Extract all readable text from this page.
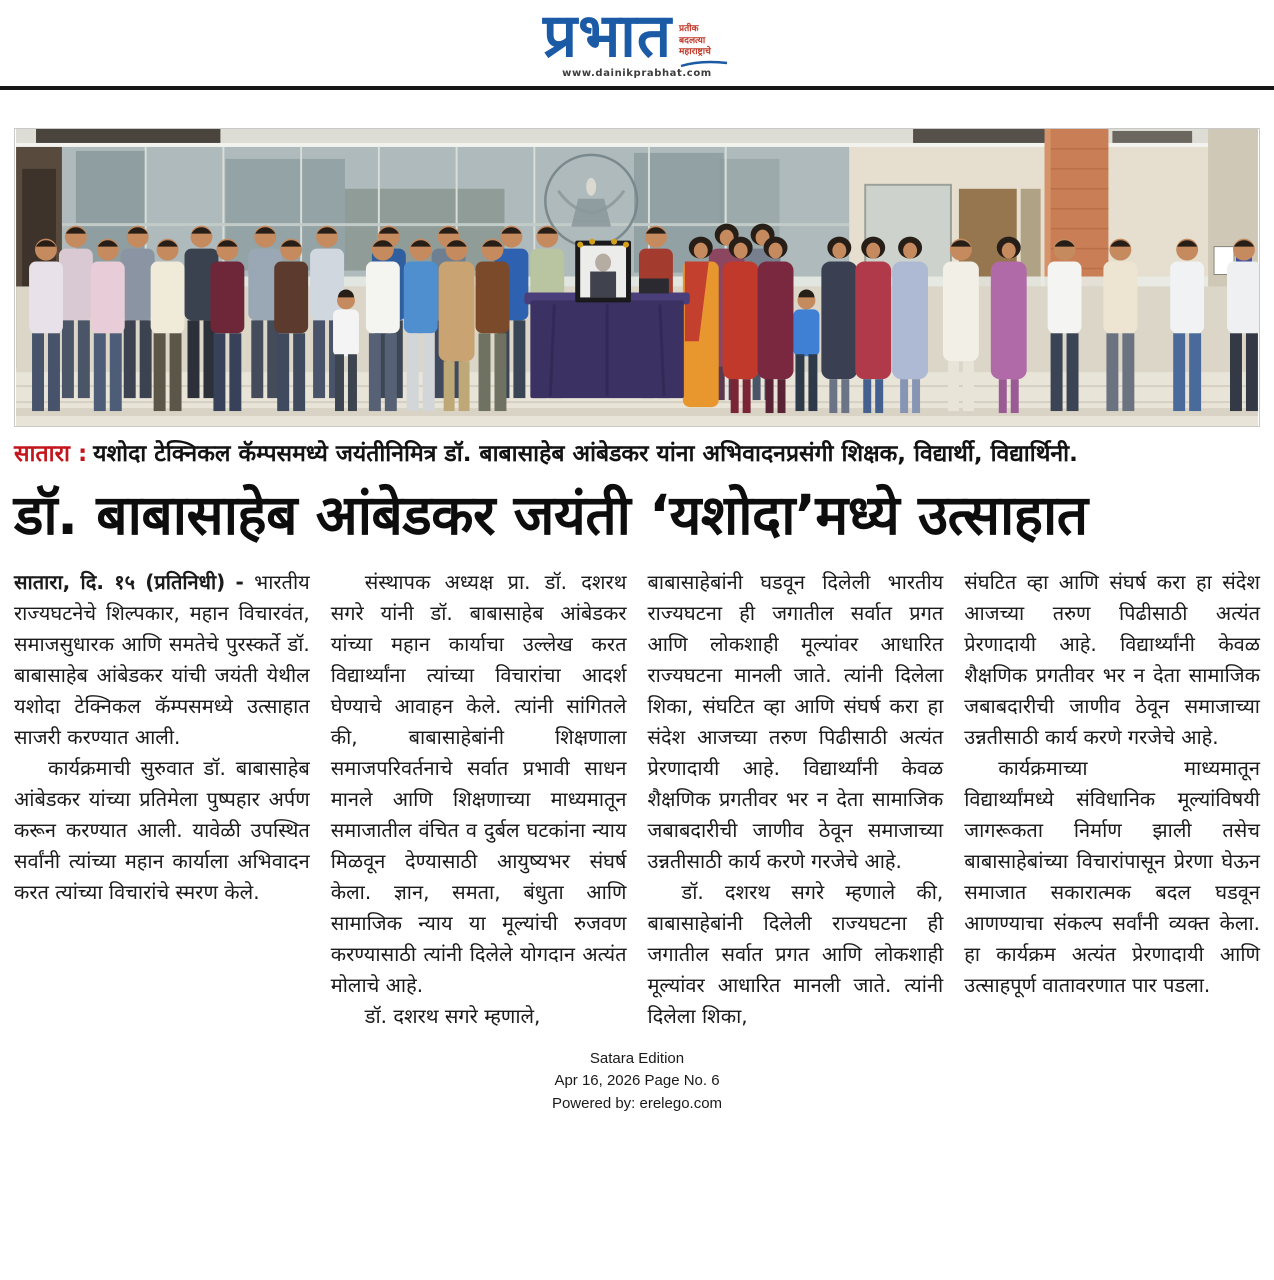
प्रभात प्रतीक
बदलत्या
महाराष्ट्राचे
www.dainikprabhat.com
सातारा : यशोदा टेक्निकल कॅम्पसमध्ये जयंतीनिमित्र डॉ. बाबासाहेब आंबेडकर यांना अभिवादनप्रसंगी शिक्षक, विद्यार्थी, विद्यार्थिनी.
डॉ. बाबासाहेब आंबेडकर जयंती ‘यशोदा’मध्ये उत्साहात

सातारा, दि. १५ (प्रतिनिधी) - भारतीय राज्यघटनेचे शिल्पकार, महान विचारवंत, समाजसुधारक आणि समतेचे पुरस्कर्ते डॉ. बाबासाहेब आंबेडकर यांची जयंती येथील यशोदा टेक्निकल कॅम्पसमध्ये उत्साहात साजरी करण्यात आली.

कार्यक्रमाची सुरुवात डॉ. बाबासाहेब आंबेडकर यांच्या प्रतिमेला पुष्पहार अर्पण करून करण्यात आली. यावेळी उपस्थित सर्वांनी त्यांच्या महान कार्याला अभिवादन करत त्यांच्या विचारांचे स्मरण केले.

संस्थापक अध्यक्ष प्रा. डॉ. दशरथ सगरे यांनी डॉ. बाबासाहेब आंबेडकर यांच्या महान कार्याचा उल्लेख करत विद्यार्थ्यांना त्यांच्या विचारांचा आदर्श घेण्याचे आवाहन केले. त्यांनी सांगितले की, बाबासाहेबांनी शिक्षणाला समाजपरिवर्तनाचे सर्वात प्रभावी साधन मानले आणि शिक्षणाच्या माध्यमातून समाजातील वंचित व दुर्बल घटकांना न्याय मिळवून देण्यासाठी आयुष्यभर संघर्ष केला. ज्ञान, समता, बंधुता आणि सामाजिक न्याय या मूल्यांची रुजवण करण्यासाठी त्यांनी दिलेले योगदान अत्यंत मोलाचे आहे.

डॉ. दशरथ सगरे म्हणाले,

बाबासाहेबांनी घडवून दिलेली भारतीय राज्यघटना ही जगातील सर्वात प्रगत आणि लोकशाही मूल्यांवर आधारित राज्यघटना मानली जाते. त्यांनी दिलेला शिका, संघटित व्हा आणि संघर्ष करा हा संदेश आजच्या तरुण पिढीसाठी अत्यंत प्रेरणादायी आहे. विद्यार्थ्यांनी केवळ शैक्षणिक प्रगतीवर भर न देता सामाजिक जबाबदारीची जाणीव ठेवून समाजाच्या उन्नतीसाठी कार्य करणे गरजेचे आहे.

डॉ. दशरथ सगरे म्हणाले की, बाबासाहेबांनी दिलेली राज्यघटना ही जगातील सर्वात प्रगत आणि लोकशाही मूल्यांवर आधारित मानली जाते. त्यांनी दिलेला शिका,

संघटित व्हा आणि संघर्ष करा हा संदेश आजच्या तरुण पिढीसाठी अत्यंत प्रेरणादायी आहे. विद्यार्थ्यांनी केवळ शैक्षणिक प्रगतीवर भर न देता सामाजिक जबाबदारीची जाणीव ठेवून समाजाच्या उन्नतीसाठी कार्य करणे गरजेचे आहे.

कार्यक्रमाच्या माध्यमातून विद्यार्थ्यांमध्ये संविधानिक मूल्यांविषयी जागरूकता निर्माण झाली तसेच बाबासाहेबांच्या विचारांपासून प्रेरणा घेऊन समाजात सकारात्मक बदल घडवून आणण्याचा संकल्प सर्वांनी व्यक्त केला. हा कार्यक्रम अत्यंत प्रेरणादायी आणि उत्साहपूर्ण वातावरणात पार पडला.

Satara Edition
Apr 16, 2026 Page No. 6
Powered by: erelego.com
